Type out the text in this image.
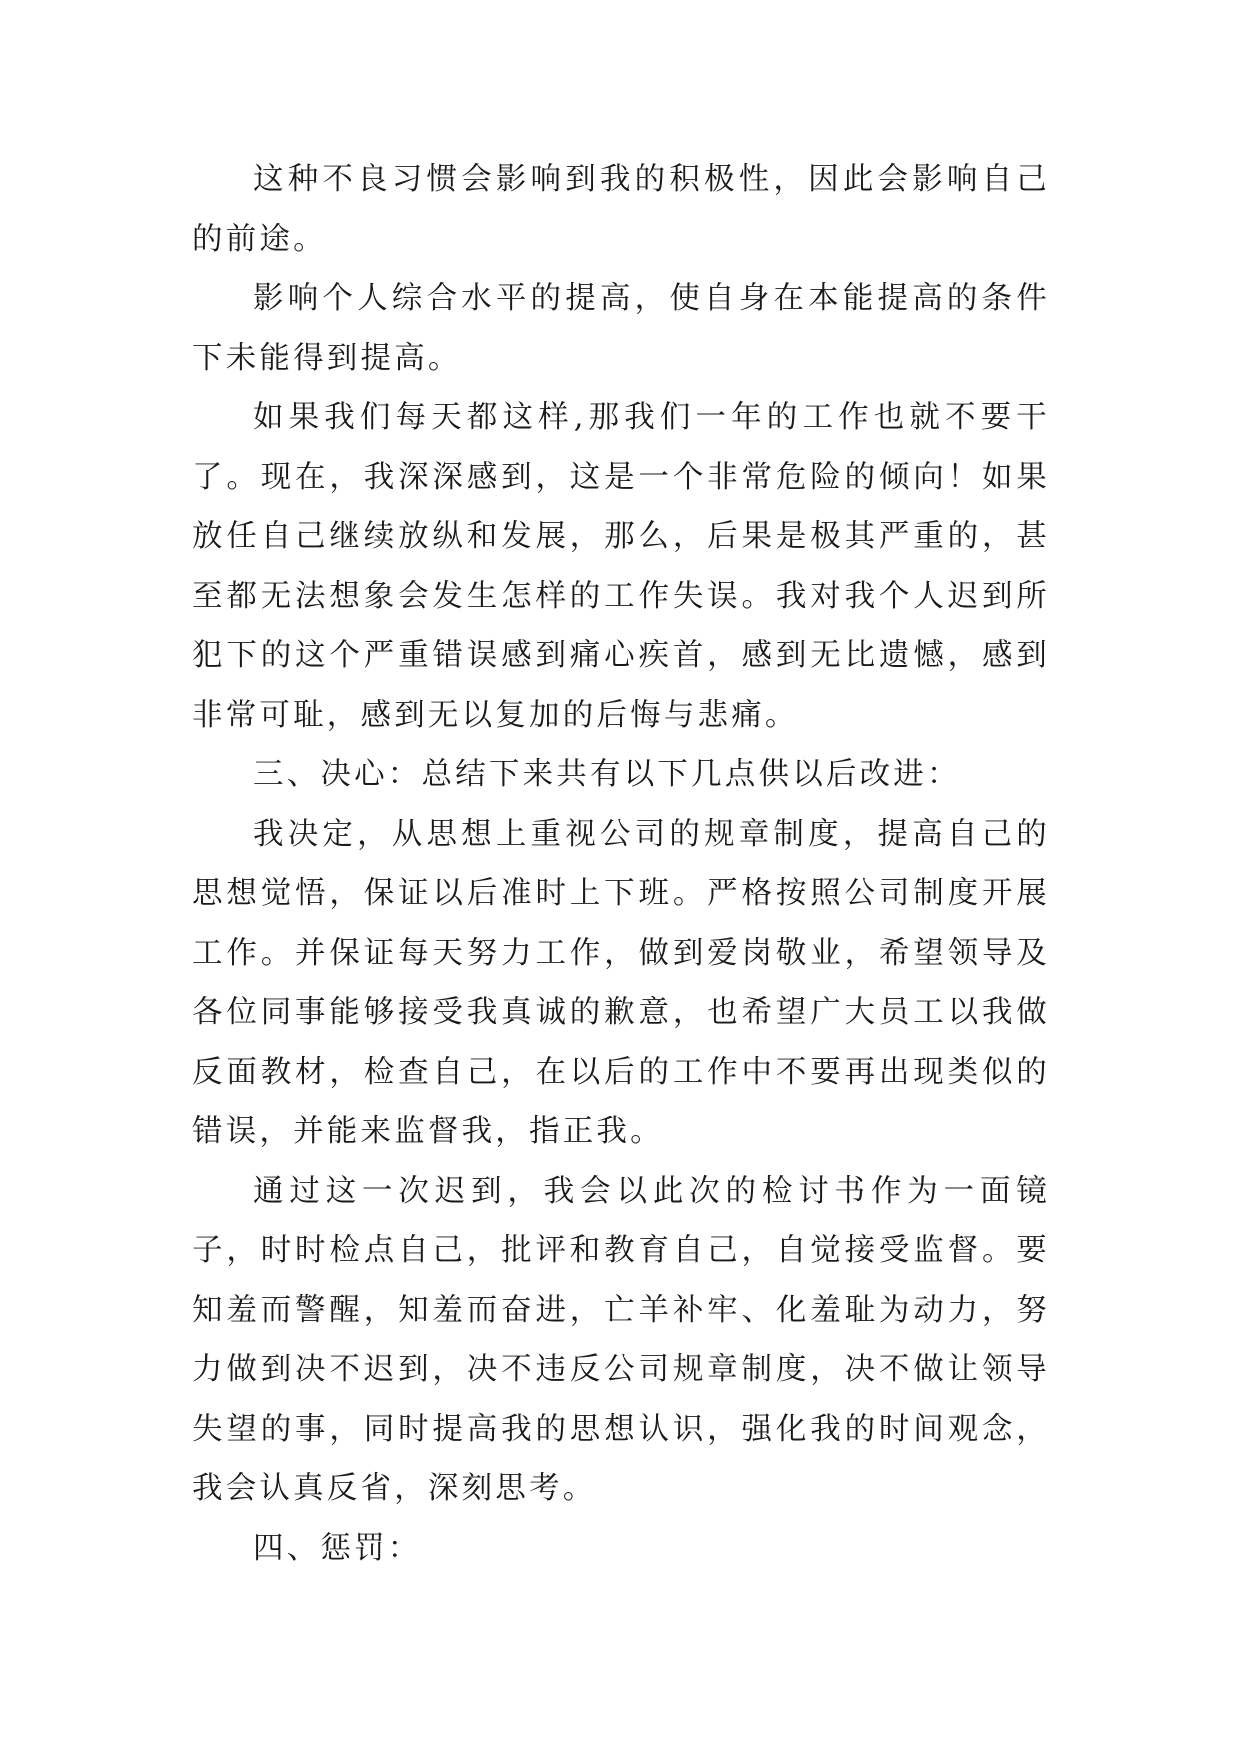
这种不良习惯会影响到我的积极性，因此会影响自己的前途。

影响个人综合水平的提高，使自身在本能提高的条件下未能得到提高。

如果我们每天都这样,那我们一年的工作也就不要干了。现在，我深深感到，这是一个非常危险的倾向！如果放任自己继续放纵和发展，那么，后果是极其严重的，甚至都无法想象会发生怎样的工作失误。我对我个人迟到所犯下的这个严重错误感到痛心疾首，感到无比遗憾，感到非常可耻，感到无以复加的后悔与悲痛。

三、决心：总结下来共有以下几点供以后改进：

我决定，从思想上重视公司的规章制度，提高自己的思想觉悟，保证以后准时上下班。严格按照公司制度开展工作。并保证每天努力工作，做到爱岗敬业，希望领导及各位同事能够接受我真诚的歉意，也希望广大员工以我做反面教材，检查自己，在以后的工作中不要再出现类似的错误，并能来监督我，指正我。

通过这一次迟到，我会以此次的检讨书作为一面镜子，时时检点自己，批评和教育自己，自觉接受监督。要知羞而警醒，知羞而奋进，亡羊补牢、化羞耻为动力，努力做到决不迟到，决不违反公司规章制度，决不做让领导失望的事，同时提高我的思想认识，强化我的时间观念，我会认真反省，深刻思考。

四、惩罚：
